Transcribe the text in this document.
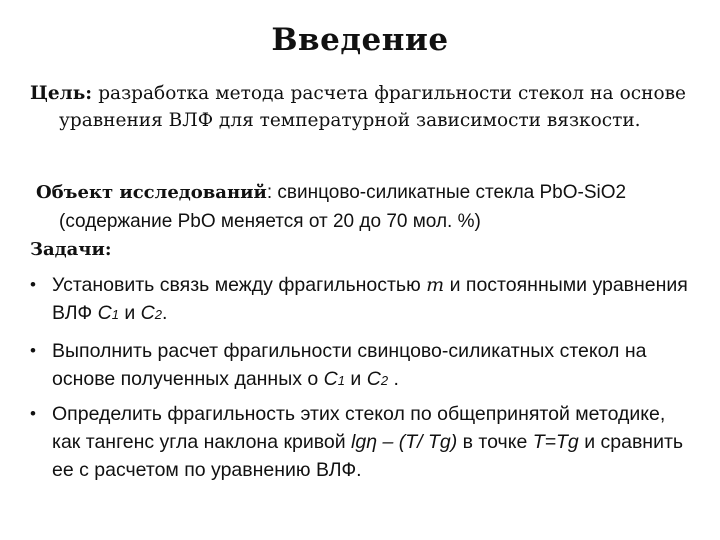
Введение
Цель: разработка метода расчета фрагильности стекол на основе уравнения ВЛФ для температурной зависимости вязкости.
Объект исследований: свинцово-силикатные стекла PbO-SiO2 (содержание PbO меняется от 20 до 70 мол. %)
Задачи:
• Установить связь между фрагильностью m и постоянными уравнения ВЛФ C1 и C2.
• Выполнить расчет фрагильности свинцово-силикатных стекол на основе полученных данных о C1 и C2 .
• Определить фрагильность этих стекол по общепринятой методике, как тангенс угла наклона кривой lgη – (T/ Tg) в точке T=Tg и сравнить ее с расчетом по уравнению ВЛФ.
